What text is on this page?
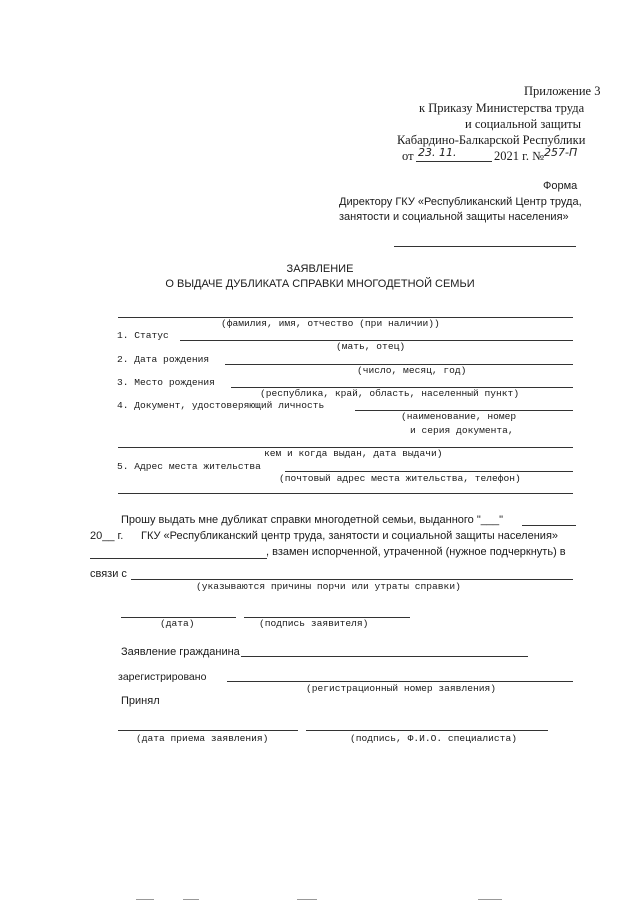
Приложение 3
к Приказу Министерства труда
и социальной защиты
Кабардино-Балкарской Республики
от 23. 11.	2021 г. № 257-П
Форма
Директору ГКУ «Республиканский Центр труда,
занятости и социальной защиты населения»
ЗАЯВЛЕНИЕ
О ВЫДАЧЕ ДУБЛИКАТА СПРАВКИ МНОГОДЕТНОЙ СЕМЬИ
(фамилия, имя, отчество (при наличии))
1. Статус
(мать, отец)
2. Дата рождения
(число, месяц, год)
3. Место рождения
(республика, край, область, населенный пункт)
4. Документ, удостоверяющий личность
(наименование, номер
и серия документа,
кем и когда выдан, дата выдачи)
5. Адрес места жительства
(почтовый адрес места жительства, телефон)
Прошу выдать мне дубликат справки многодетной семьи, выданного "___"
20__ г. ГКУ «Республиканский центр труда, занятости и социальной защиты населения»
, взамен испорченной, утраченной (нужное подчеркнуть) в
связи с
(указываются причины порчи или утраты справки)
(дата)	(подпись заявителя)
Заявление гражданина
зарегистрировано
(регистрационный номер заявления)
Принял
(дата приема заявления)	(подпись, Ф.И.О. специалиста)
